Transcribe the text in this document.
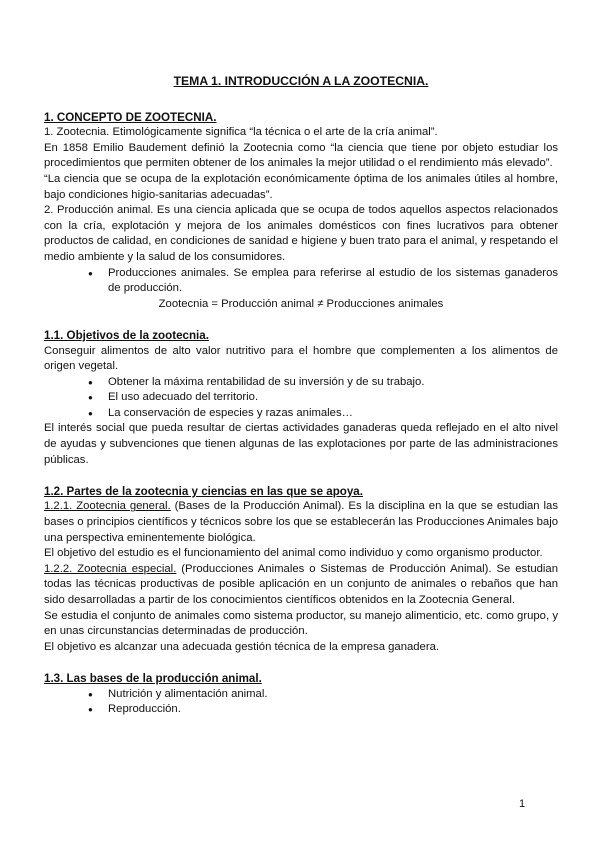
TEMA 1. INTRODUCCIÓN A LA ZOOTECNIA.
1. CONCEPTO DE ZOOTECNIA.

1. Zootecnia. Etimológicamente significa “la técnica o el arte de la cría animal”.

En 1858 Emilio Baudement definió la Zootecnia como “la ciencia que tiene por objeto estudiar los procedimientos que permiten obtener de los animales la mejor utilidad o el rendimiento más elevado”.

“La ciencia que se ocupa de la explotación económicamente óptima de los animales útiles al hombre, bajo condiciones higio-sanitarias adecuadas”.

2. Producción animal. Es una ciencia aplicada que se ocupa de todos aquellos aspectos relacionados con la cría, explotación y mejora de los animales domésticos con fines lucrativos para obtener productos de calidad, en condiciones de sanidad e higiene y buen trato para el animal, y respetando el medio ambiente y la salud de los consumidores.

● Producciones animales. Se emplea para referirse al estudio de los sistemas ganaderos de producción.

Zootecnia = Producción animal ≠ Producciones animales

1.1. Objetivos de la zootecnia.

Conseguir alimentos de alto valor nutritivo para el hombre que complementen a los alimentos de origen vegetal.

● Obtener la máxima rentabilidad de su inversión y de su trabajo.
● El uso adecuado del territorio.
● La conservación de especies y razas animales…

El interés social que pueda resultar de ciertas actividades ganaderas queda reflejado en el alto nivel de ayudas y subvenciones que tienen algunas de las explotaciones por parte de las administraciones públicas.

1.2. Partes de la zootecnia y ciencias en las que se apoya.

1.2.1. Zootecnia general. (Bases de la Producción Animal). Es la disciplina en la que se estudian las bases o principios científicos y técnicos sobre los que se establecerán las Producciones Animales bajo una perspectiva eminentemente biológica.

El objetivo del estudio es el funcionamiento del animal como individuo y como organismo productor.

1.2.2. Zootecnia especial. (Producciones Animales o Sistemas de Producción Animal). Se estudian todas las técnicas productivas de posible aplicación en un conjunto de animales o rebaños que han sido desarrolladas a partir de los conocimientos científicos obtenidos en la Zootecnia General.

Se estudia el conjunto de animales como sistema productor, su manejo alimenticio, etc. como grupo, y en unas circunstancias determinadas de producción.

El objetivo es alcanzar una adecuada gestión técnica de la empresa ganadera.

1.3. Las bases de la producción animal.
● Nutrición y alimentación animal.
● Reproducción.
1
